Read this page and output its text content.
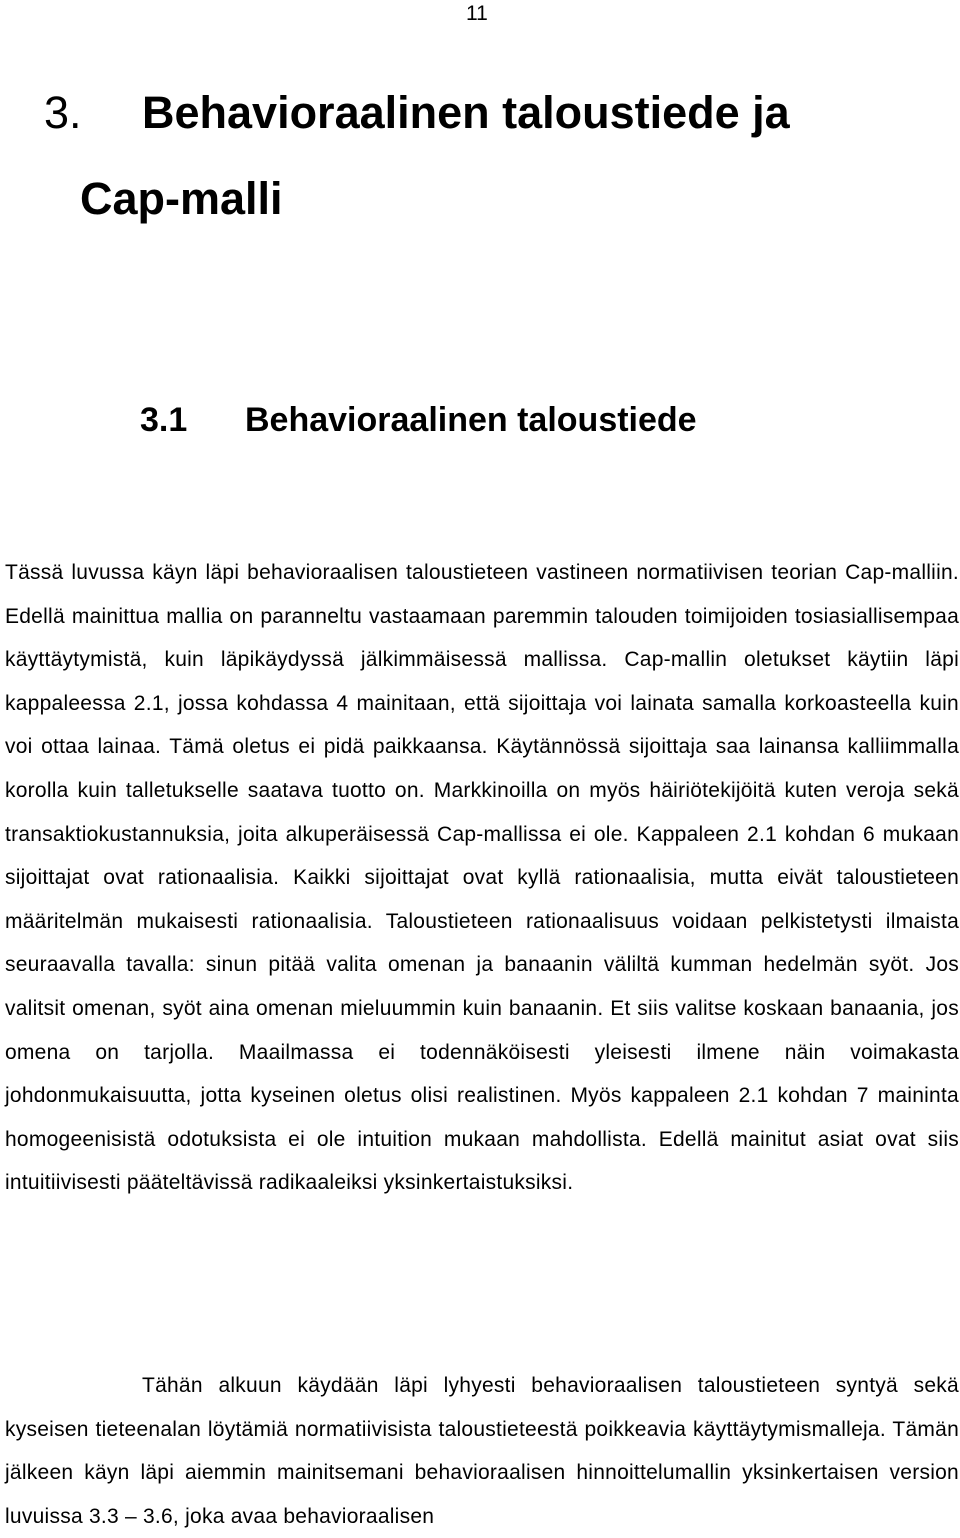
11
3. Behavioraalinen taloustiede ja
Cap-malli
3.1 Behavioraalinen taloustiede

Tässä luvussa käyn läpi behavioraalisen taloustieteen vastineen normatiivisen teorian Cap-malliin. Edellä mainittua mallia on paranneltu vastaamaan paremmin talouden toimijoiden tosiasiallisempaa käyttäytymistä, kuin läpikäydyssä jälkimmäisessä mallissa. Cap-mallin oletukset käytiin läpi kappaleessa 2.1, jossa kohdassa 4 mainitaan, että sijoittaja voi lainata samalla korkoasteella kuin voi ottaa lainaa. Tämä oletus ei pidä paikkaansa. Käytännössä sijoittaja saa lainansa kalliimmalla korolla kuin talletukselle saatava tuotto on. Markkinoilla on myös häiriötekijöitä kuten veroja sekä transaktiokustannuksia, joita alkuperäisessä Cap-mallissa ei ole. Kappaleen 2.1 kohdan 6 mukaan sijoittajat ovat rationaalisia. Kaikki sijoittajat ovat kyllä rationaalisia, mutta eivät taloustieteen määritelmän mukaisesti rationaalisia. Taloustieteen rationaalisuus voidaan pelkistetysti ilmaista seuraavalla tavalla: sinun pitää valita omenan ja banaanin väliltä kumman hedelmän syöt. Jos valitsit omenan, syöt aina omenan mieluummin kuin banaanin. Et siis valitse koskaan banaania, jos omena on tarjolla. Maailmassa ei todennäköisesti yleisesti ilmene näin voimakasta johdonmukaisuutta, jotta kyseinen oletus olisi realistinen. Myös kappaleen 2.1 kohdan 7 maininta homogeenisistä odotuksista ei ole intuition mukaan mahdollista. Edellä mainitut asiat ovat siis intuitiivisesti pääteltävissä radikaaleiksi yksinkertaistuksiksi.

Tähän alkuun käydään läpi lyhyesti behavioraalisen taloustieteen syntyä sekä kyseisen tieteenalan löytämiä normatiivisista taloustieteestä poikkeavia käyttäytymismalleja. Tämän jälkeen käyn läpi aiemmin mainitsemani behavioraalisen hinnoittelumallin yksinkertaisen version luvuissa 3.3 – 3.6, joka avaa behavioraalisen
